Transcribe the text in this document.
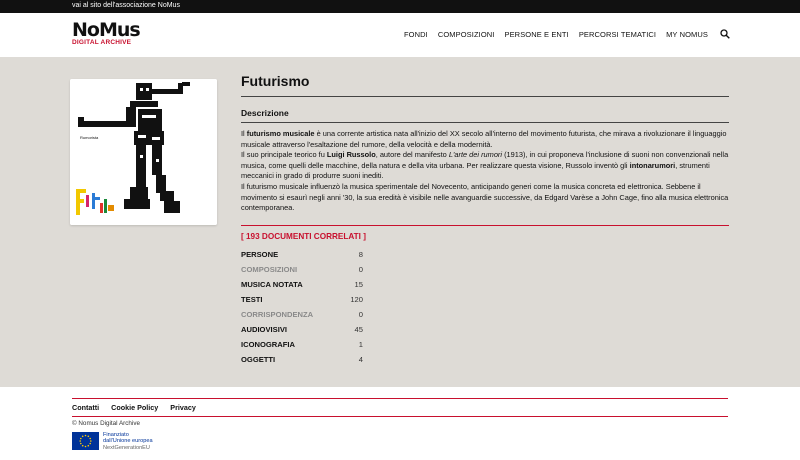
vai al sito dell'associazione NoMus
NoMus
DIGITAL ARCHIVE
FONDI COMPOSIZIONI PERSONE E ENTI PERCORSI TEMATICI MY NOMUS
Rumorista
Futurismo
Descrizione

Il futurismo musicale è una corrente artistica nata all'inizio del XX secolo all'interno del movimento futurista, che mirava a rivoluzionare il linguaggio musicale attraverso l'esaltazione del rumore, della velocità e della modernità.

Il suo principale teorico fu Luigi Russolo, autore del manifesto L'arte dei rumori (1913), in cui proponeva l'inclusione di suoni non convenzionali nella musica, come quelli delle macchine, della natura e della vita urbana. Per realizzare questa visione, Russolo inventò gli intonarumori, strumenti meccanici in grado di produrre suoni inediti.

Il futurismo musicale influenzò la musica sperimentale del Novecento, anticipando generi come la musica concreta ed elettronica. Sebbene il movimento si esaurì negli anni '30, la sua eredità è visibile nelle avanguardie successive, da Edgard Varèse a John Cage, fino alla musica elettronica contemporanea.

[ 193 DOCUMENTI CORRELATI ]
PERSONE	8
COMPOSIZIONI	0
MUSICA NOTATA	15
TESTI	120
CORRISPONDENZA	0
AUDIOVISIVI	45
ICONOGRAFIA	1
OGGETTI	4
Contatti Cookie Policy Privacy
© Nomus Digital Archive
Finanziato
dall'Unione europea
NextGenerationEU
